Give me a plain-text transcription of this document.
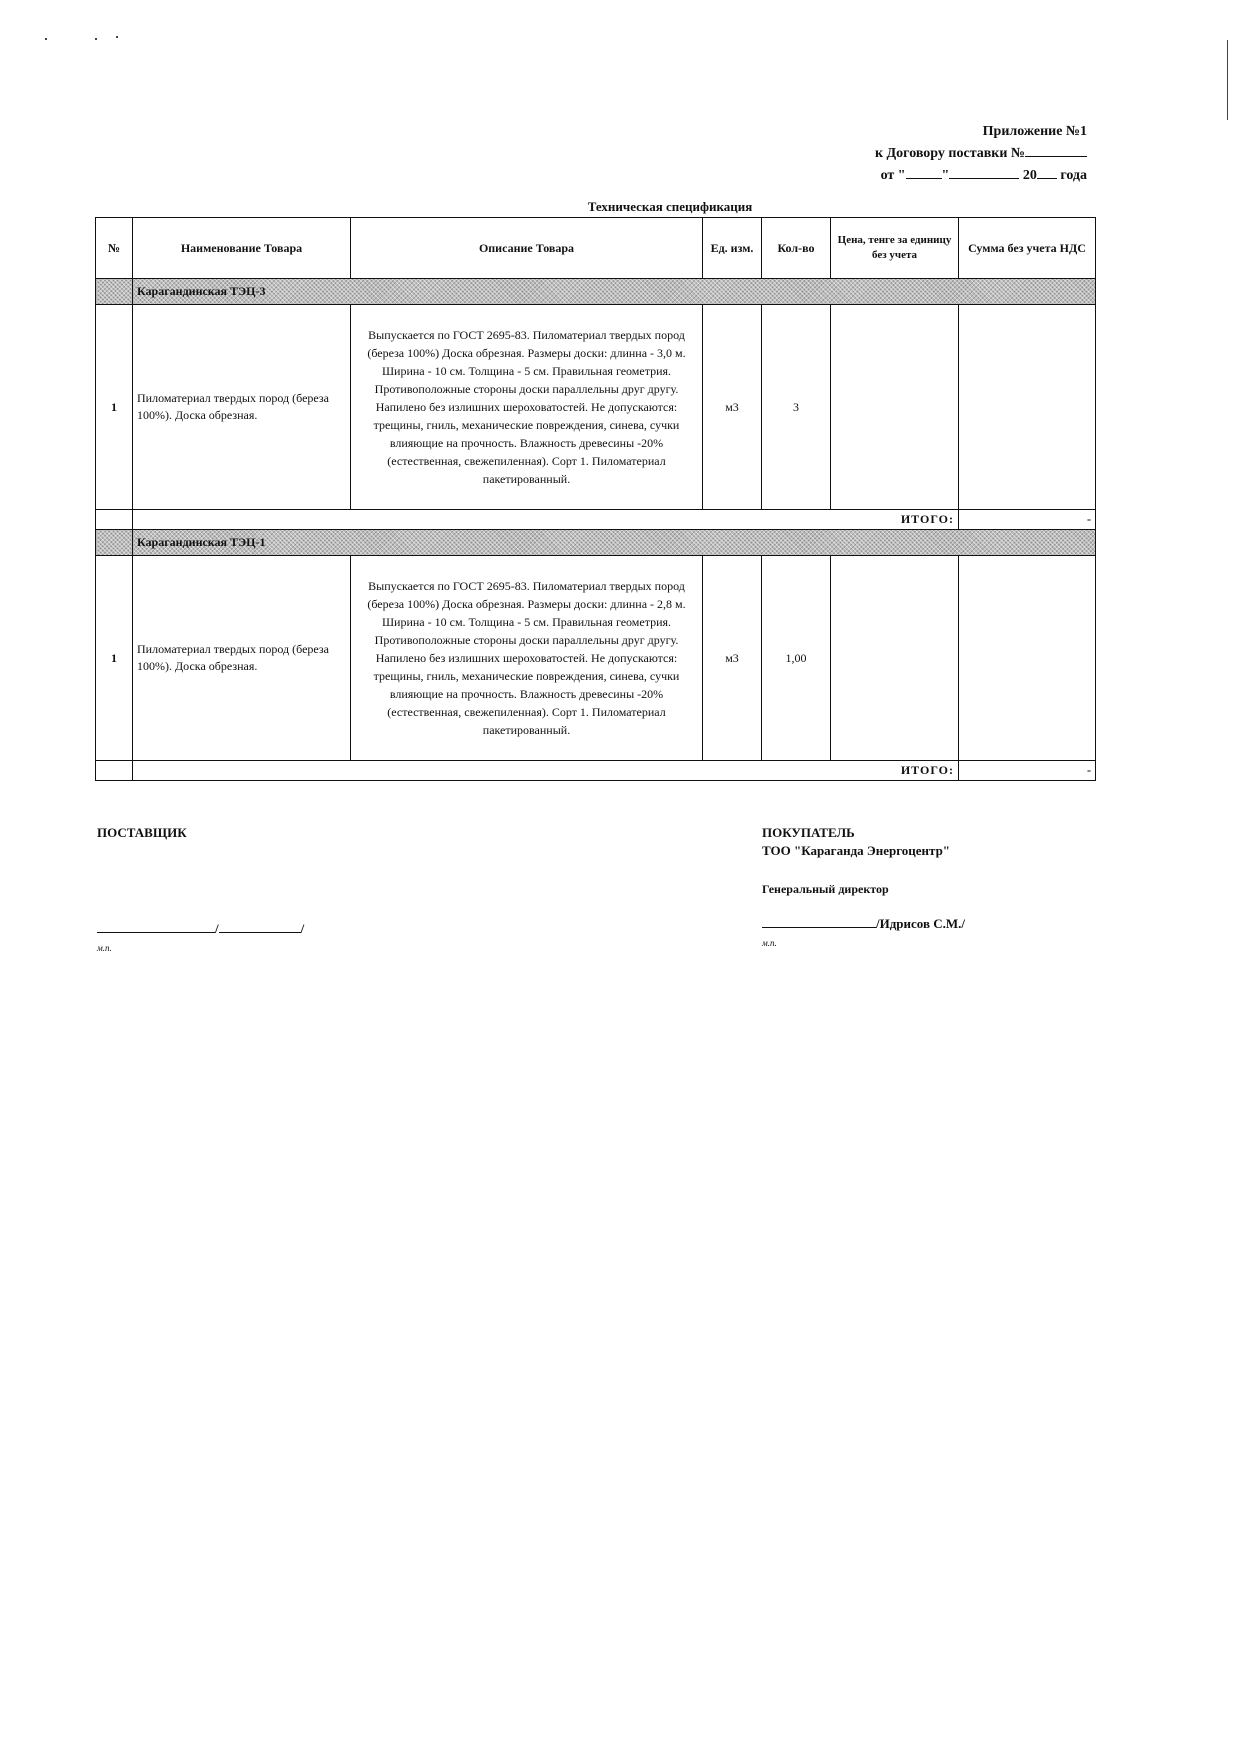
Приложение №1
к Договору поставки №
от "	"	20 года
Техническая спецификация
№	Наименование Товара	Описание Товара	Ед. изм.	Кол-во	Цена, тенге за единицу без учета	Сумма без учета НДС
	Карагандинская ТЭЦ-3					
1	Пиломатериал твердых пород (береза 100%). Доска обрезная.	Выпускается по ГОСТ 2695-83. Пиломатериал твердых пород (береза 100%) Доска обрезная. Размеры доски: длинна - 3,0 м. Ширина - 10 см. Толщина - 5 см. Правильная геометрия. Противоположные стороны доски параллельны друг другу. Напилено без излишних шероховатостей. Не допускаются: трещины, гниль, механические повреждения, синева, сучки влияющие на прочность. Влажность древесины -20% (естественная, свежепиленная). Сорт 1. Пиломатериал пакетированный.	м3	3		
	ИТОГО:					-
	Карагандинская ТЭЦ-1					
1	Пиломатериал твердых пород (береза 100%). Доска обрезная.	Выпускается по ГОСТ 2695-83. Пиломатериал твердых пород (береза 100%) Доска обрезная. Размеры доски: длинна - 2,8 м. Ширина - 10 см. Толщина - 5 см. Правильная геометрия. Противоположные стороны доски параллельны друг другу. Напилено без излишних шероховатостей. Не допускаются: трещины, гниль, механические повреждения, синева, сучки влияющие на прочность. Влажность древесины -20% (естественная, свежепиленная). Сорт 1. Пиломатериал пакетированный.	м3	1,00		
	ИТОГО:					-
ПОСТАВЩИК
/	/
м.п.
ПОКУПАТЕЛЬ
ТОО "Караганда Энергоцентр"
Генеральный директор
/Идрисов С.М./
м.п.
